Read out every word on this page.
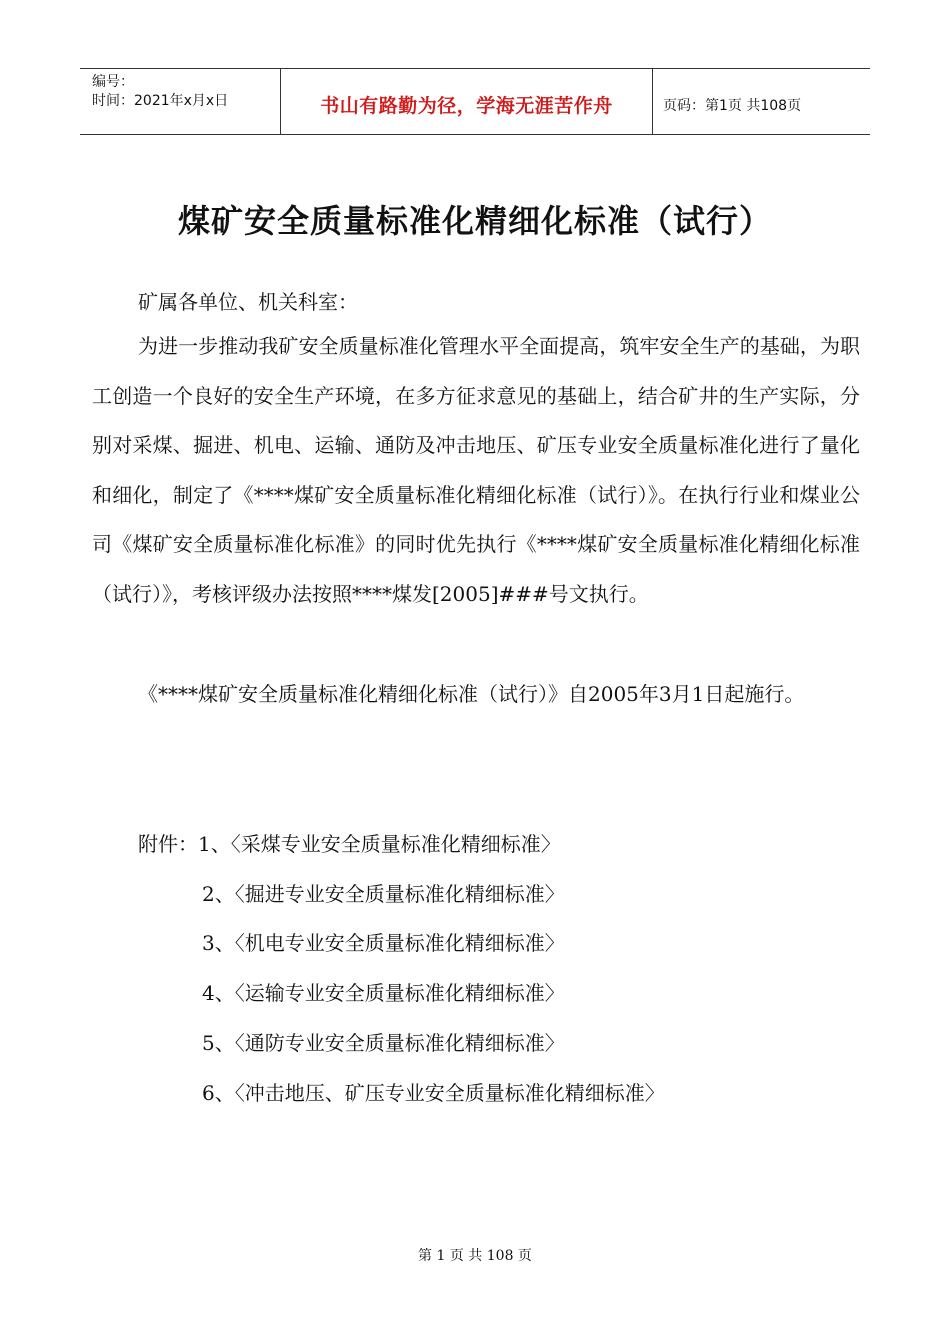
编号：
时间：2021年x月x日	书山有路勤为径，学海无涯苦作舟	页码：第1页 共108页
煤矿安全质量标准化精细化标准（试行）

矿属各单位、机关科室：

为进一步推动我矿安全质量标准化管理水平全面提高，筑牢安全生产的基础，为职工创造一个良好的安全生产环境，在多方征求意见的基础上，结合矿井的生产实际，分别对采煤、掘进、机电、运输、通防及冲击地压、矿压专业安全质量标准化进行了量化和细化，制定了《****煤矿安全质量标准化精细化标准（试行）》。在执行行业和煤业公司《煤矿安全质量标准化标准》的同时优先执行《****煤矿安全质量标准化精细化标准（试行）》，考核评级办法按照****煤发[2005]###号文执行。

《****煤矿安全质量标准化精细化标准（试行）》自2005年3月1日起施行。

附件：1、〈采煤专业安全质量标准化精细标准〉
2、〈掘进专业安全质量标准化精细标准〉
3、〈机电专业安全质量标准化精细标准〉
4、〈运输专业安全质量标准化精细标准〉
5、〈通防专业安全质量标准化精细标准〉
6、〈冲击地压、矿压专业安全质量标准化精细标准〉
第 1 页 共 108 页
